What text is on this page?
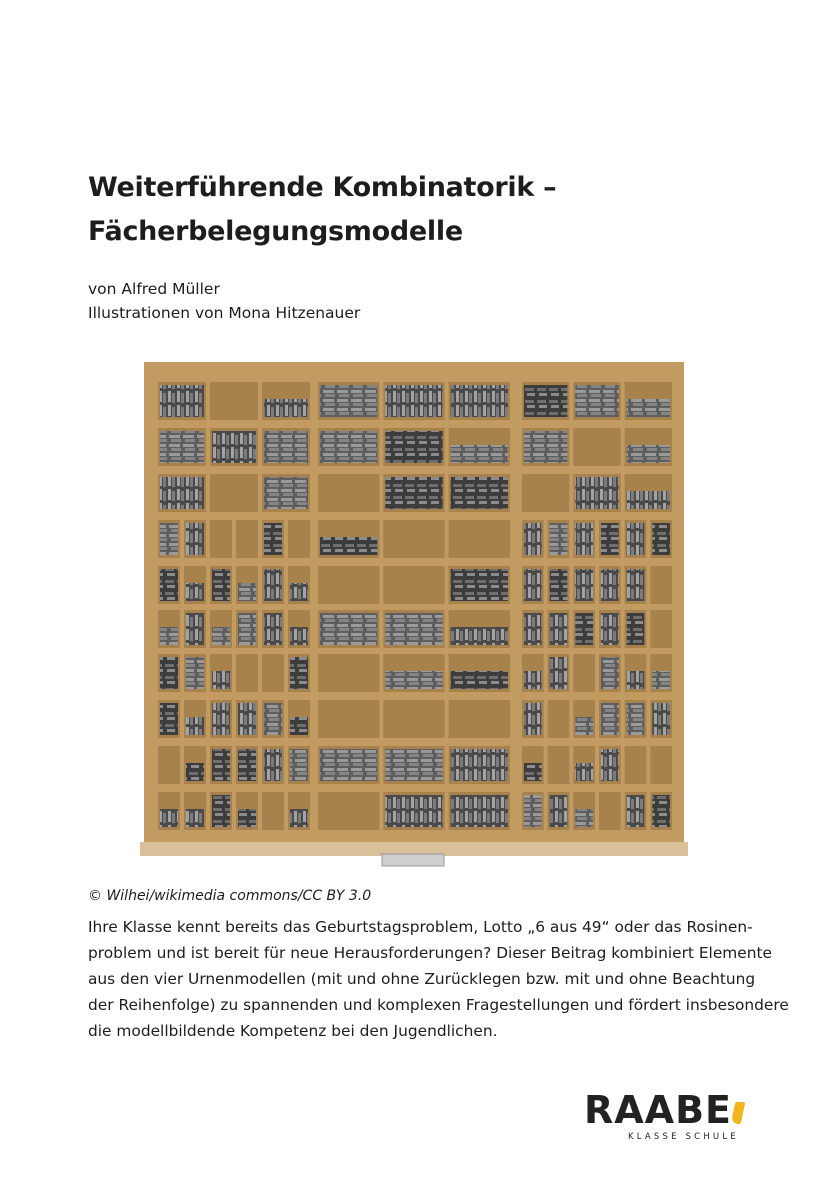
Weiterführende Kombinatorik –
Fächerbelegungsmodelle
von Alfred Müller
Illustrationen von Mona Hitzenauer
© Wilhei/wikimedia commons/CC BY 3.0
Ihre Klasse kennt bereits das Geburtstagsproblem, Lotto „6 aus 49“ oder das Rosinen-
problem und ist bereit für neue Herausforderungen? Dieser Beitrag kombiniert Elemente
aus den vier Urnenmodellen (mit und ohne Zurücklegen bzw. mit und ohne Beachtung
der Reihenfolge) zu spannenden und komplexen Fragestellungen und fördert insbesondere
die modellbildende Kompetenz bei den Jugendlichen.
RAABE
KLASSE SCHULE
